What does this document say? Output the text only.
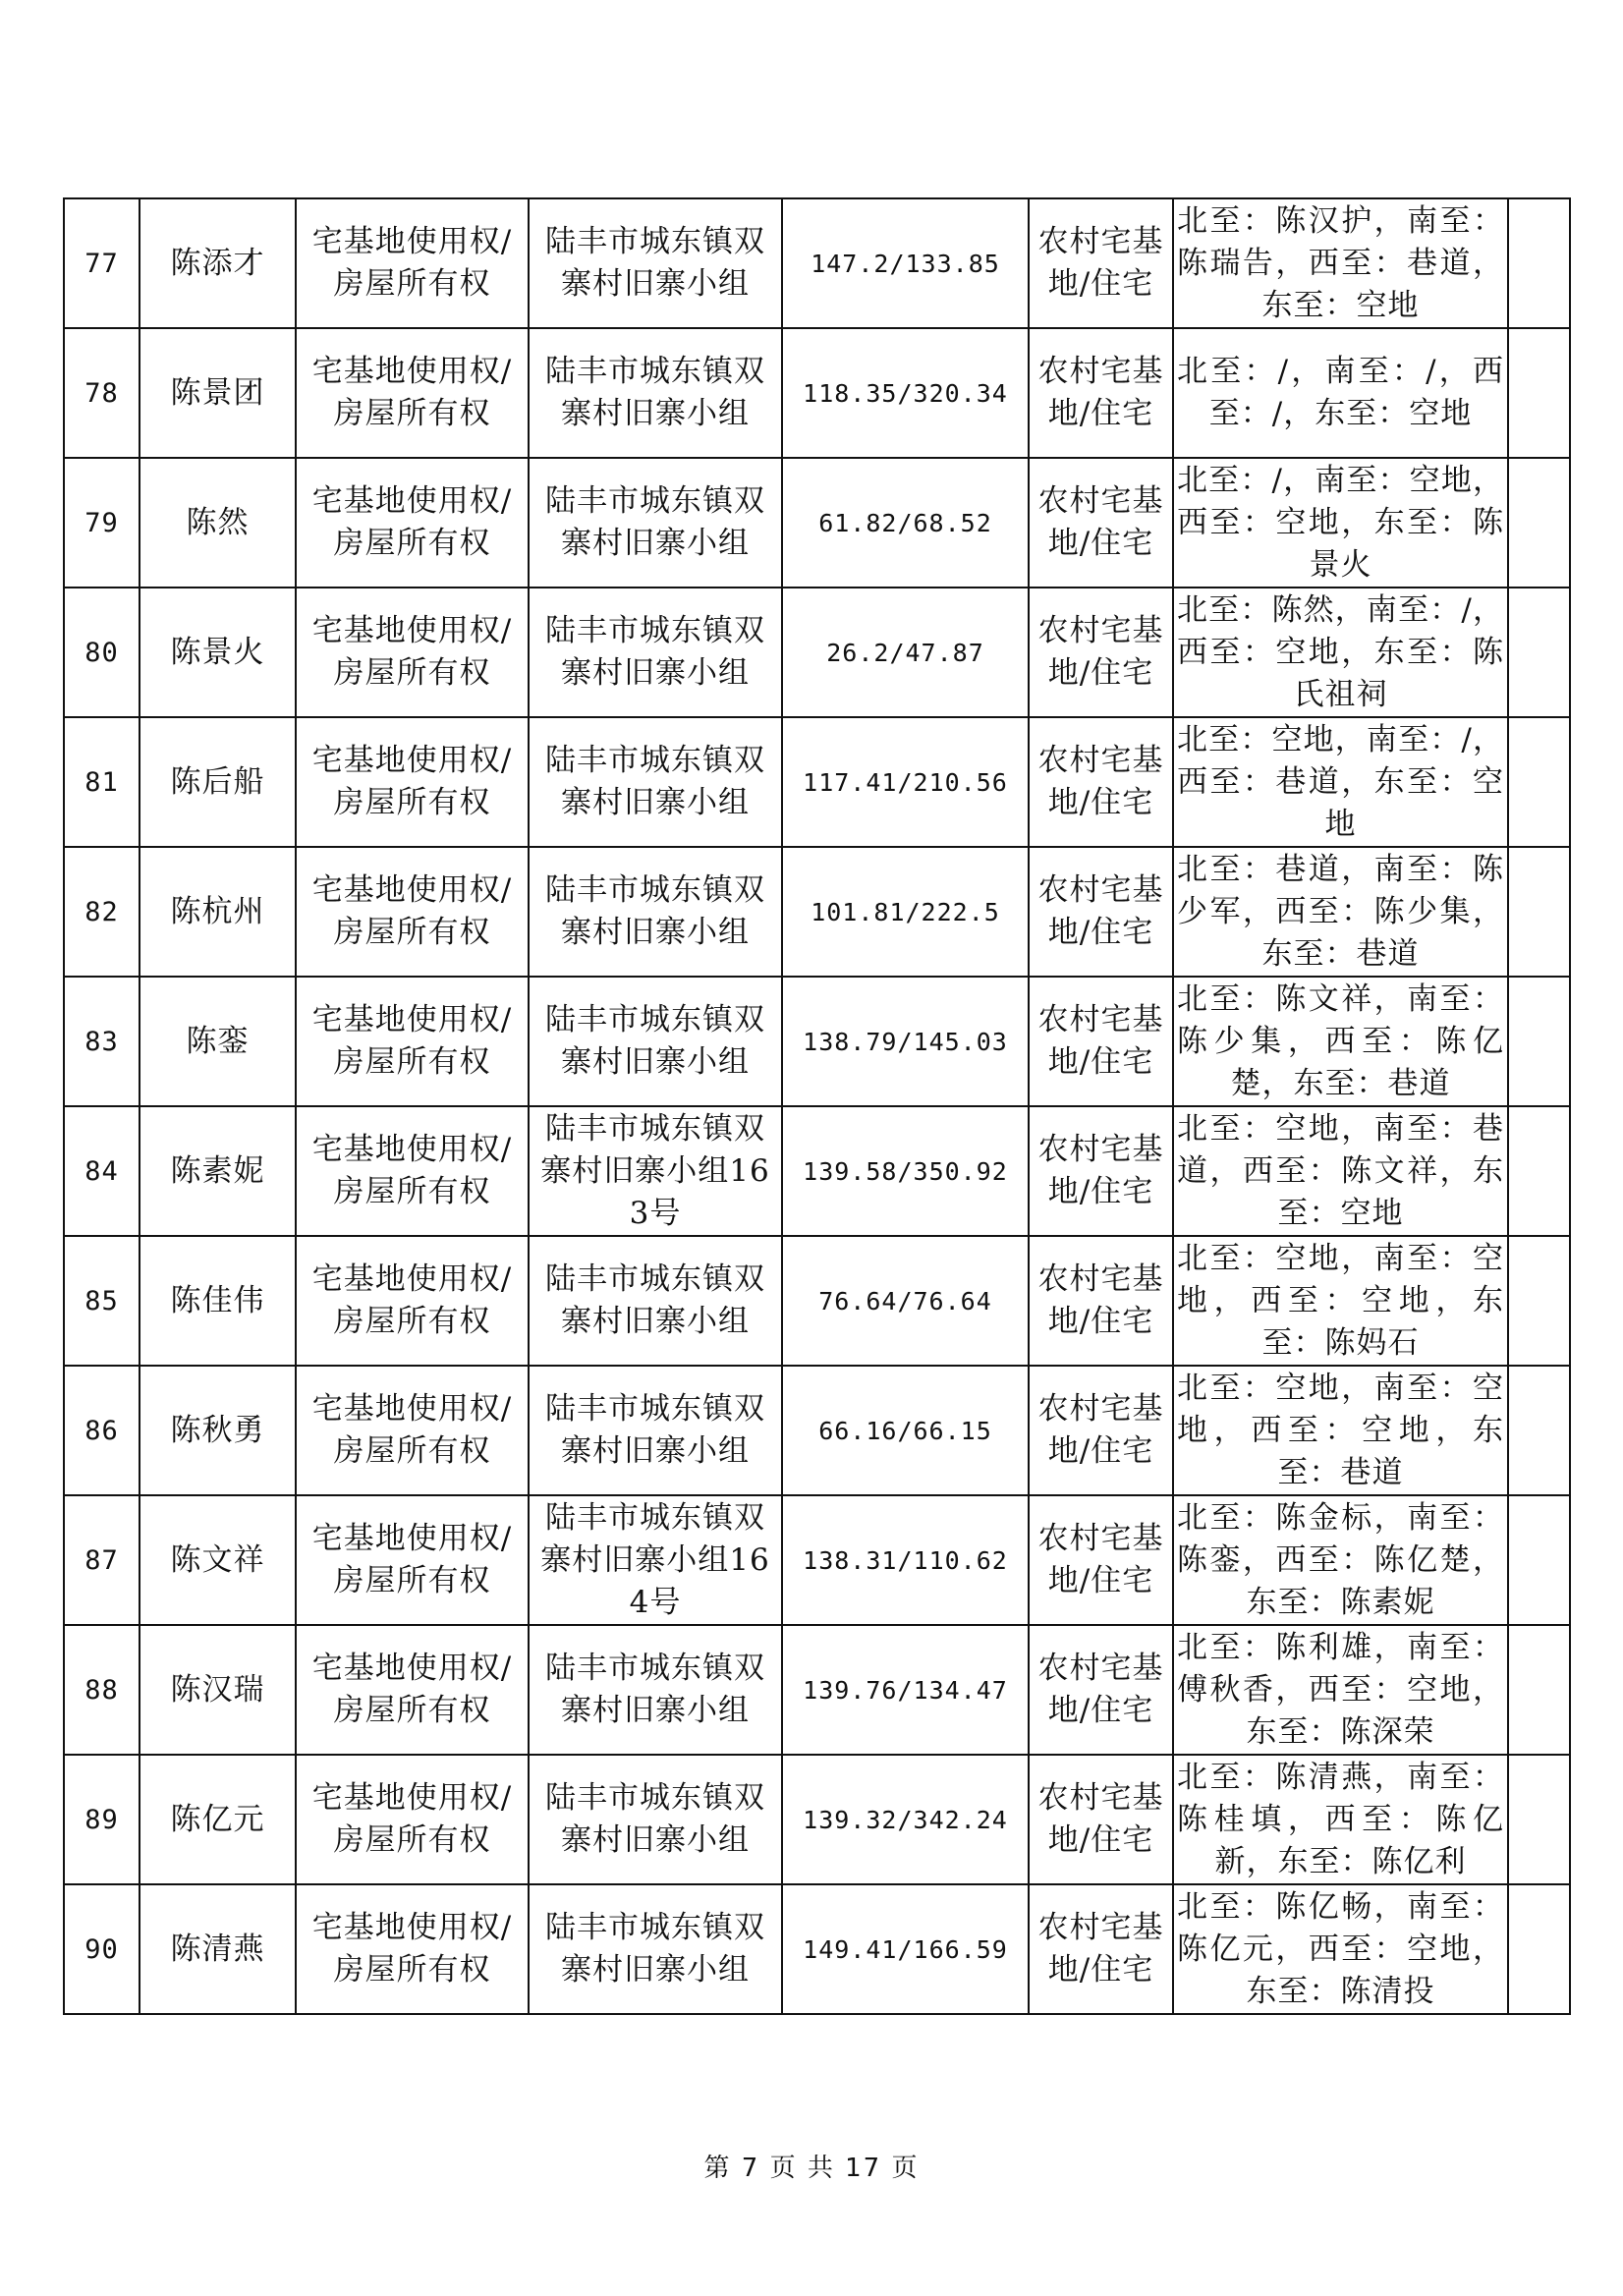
77	陈添才	宅基地使用权/房屋所有权	陆丰市城东镇双寨村旧寨小组	147.2/133.85	农村宅基地/住宅	北至：陈汉护，南至：陈瑞告，西至：巷道，东至：空地	
78	陈景团	宅基地使用权/房屋所有权	陆丰市城东镇双寨村旧寨小组	118.35/320.34	农村宅基地/住宅	北至：/，南至：/，西至：/，东至：空地	
79	陈然	宅基地使用权/房屋所有权	陆丰市城东镇双寨村旧寨小组	61.82/68.52	农村宅基地/住宅	北至：/，南至：空地，西至：空地，东至：陈景火	
80	陈景火	宅基地使用权/房屋所有权	陆丰市城东镇双寨村旧寨小组	26.2/47.87	农村宅基地/住宅	北至：陈然，南至：/，西至：空地，东至：陈氏祖祠	
81	陈后船	宅基地使用权/房屋所有权	陆丰市城东镇双寨村旧寨小组	117.41/210.56	农村宅基地/住宅	北至：空地，南至：/，西至：巷道，东至：空地	
82	陈杭州	宅基地使用权/房屋所有权	陆丰市城东镇双寨村旧寨小组	101.81/222.5	农村宅基地/住宅	北至：巷道，南至：陈少军，西至：陈少集，东至：巷道	
83	陈銮	宅基地使用权/房屋所有权	陆丰市城东镇双寨村旧寨小组	138.79/145.03	农村宅基地/住宅	北至：陈文祥，南至：陈少集，西至：陈亿楚，东至：巷道	
84	陈素妮	宅基地使用权/房屋所有权	陆丰市城东镇双寨村旧寨小组163号	139.58/350.92	农村宅基地/住宅	北至：空地，南至：巷道，西至：陈文祥，东至：空地	
85	陈佳伟	宅基地使用权/房屋所有权	陆丰市城东镇双寨村旧寨小组	76.64/76.64	农村宅基地/住宅	北至：空地，南至：空地，西至：空地，东至：陈妈石	
86	陈秋勇	宅基地使用权/房屋所有权	陆丰市城东镇双寨村旧寨小组	66.16/66.15	农村宅基地/住宅	北至：空地，南至：空地，西至：空地，东至：巷道	
87	陈文祥	宅基地使用权/房屋所有权	陆丰市城东镇双寨村旧寨小组164号	138.31/110.62	农村宅基地/住宅	北至：陈金标，南至：陈銮，西至：陈亿楚，东至：陈素妮	
88	陈汉瑞	宅基地使用权/房屋所有权	陆丰市城东镇双寨村旧寨小组	139.76/134.47	农村宅基地/住宅	北至：陈利雄，南至：傅秋香，西至：空地，东至：陈深荣	
89	陈亿元	宅基地使用权/房屋所有权	陆丰市城东镇双寨村旧寨小组	139.32/342.24	农村宅基地/住宅	北至：陈清燕，南至：陈桂填，西至：陈亿新，东至：陈亿利	
90	陈清燕	宅基地使用权/房屋所有权	陆丰市城东镇双寨村旧寨小组	149.41/166.59	农村宅基地/住宅	北至：陈亿畅，南至：陈亿元，西至：空地，东至：陈清投	
第 7 页 共 17 页
